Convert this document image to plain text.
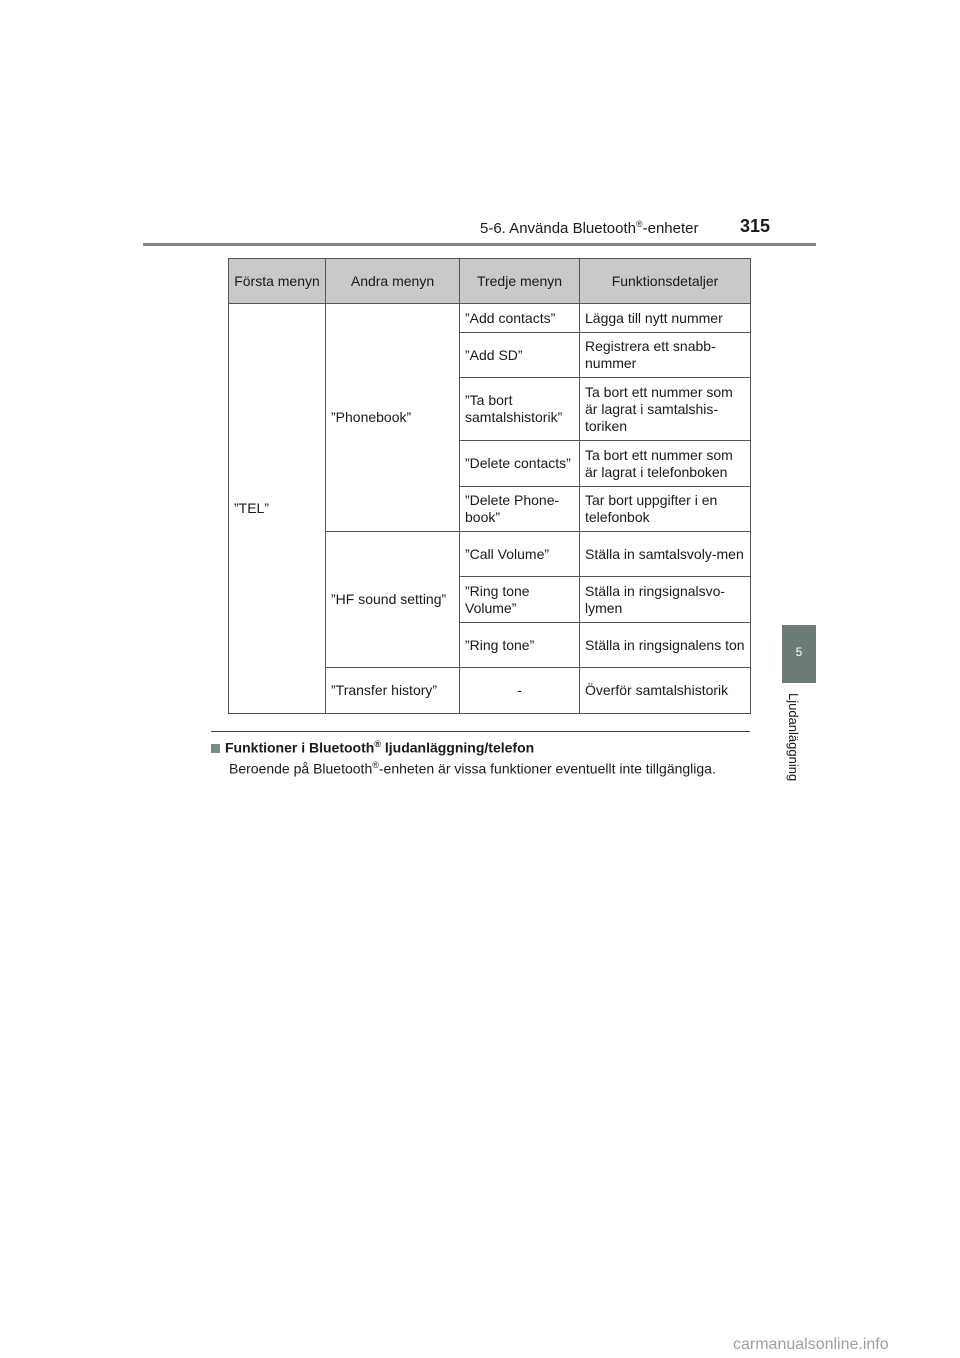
5-6. Använda Bluetooth®-enheter 315
5
Ljudanläggning
Första menyn	Andra menyn	Tredje menyn	Funktionsdetaljer
”TEL”	”Phonebook”	”Add contacts”	Lägga till nytt nummer
		”Add SD”	Registrera ett snabb-nummer
		”Ta bort samtalshistorik”	Ta bort ett nummer som är lagrat i samtalshis-toriken
		”Delete contacts”	Ta bort ett nummer som är lagrat i telefonboken
		”Delete Phone-book”	Tar bort uppgifter i en telefonbok
	”HF sound setting”	”Call Volume”	Ställa in samtalsvoly-men
		”Ring tone Volume”	Ställa in ringsignalsvo-lymen
		”Ring tone”	Ställa in ringsignalens ton
	”Transfer history”	-	Överför samtalshistorik
Funktioner i Bluetooth® ljudanläggning/telefon
Beroende på Bluetooth®-enheten är vissa funktioner eventuellt inte tillgängliga.
carmanualsonline.info
